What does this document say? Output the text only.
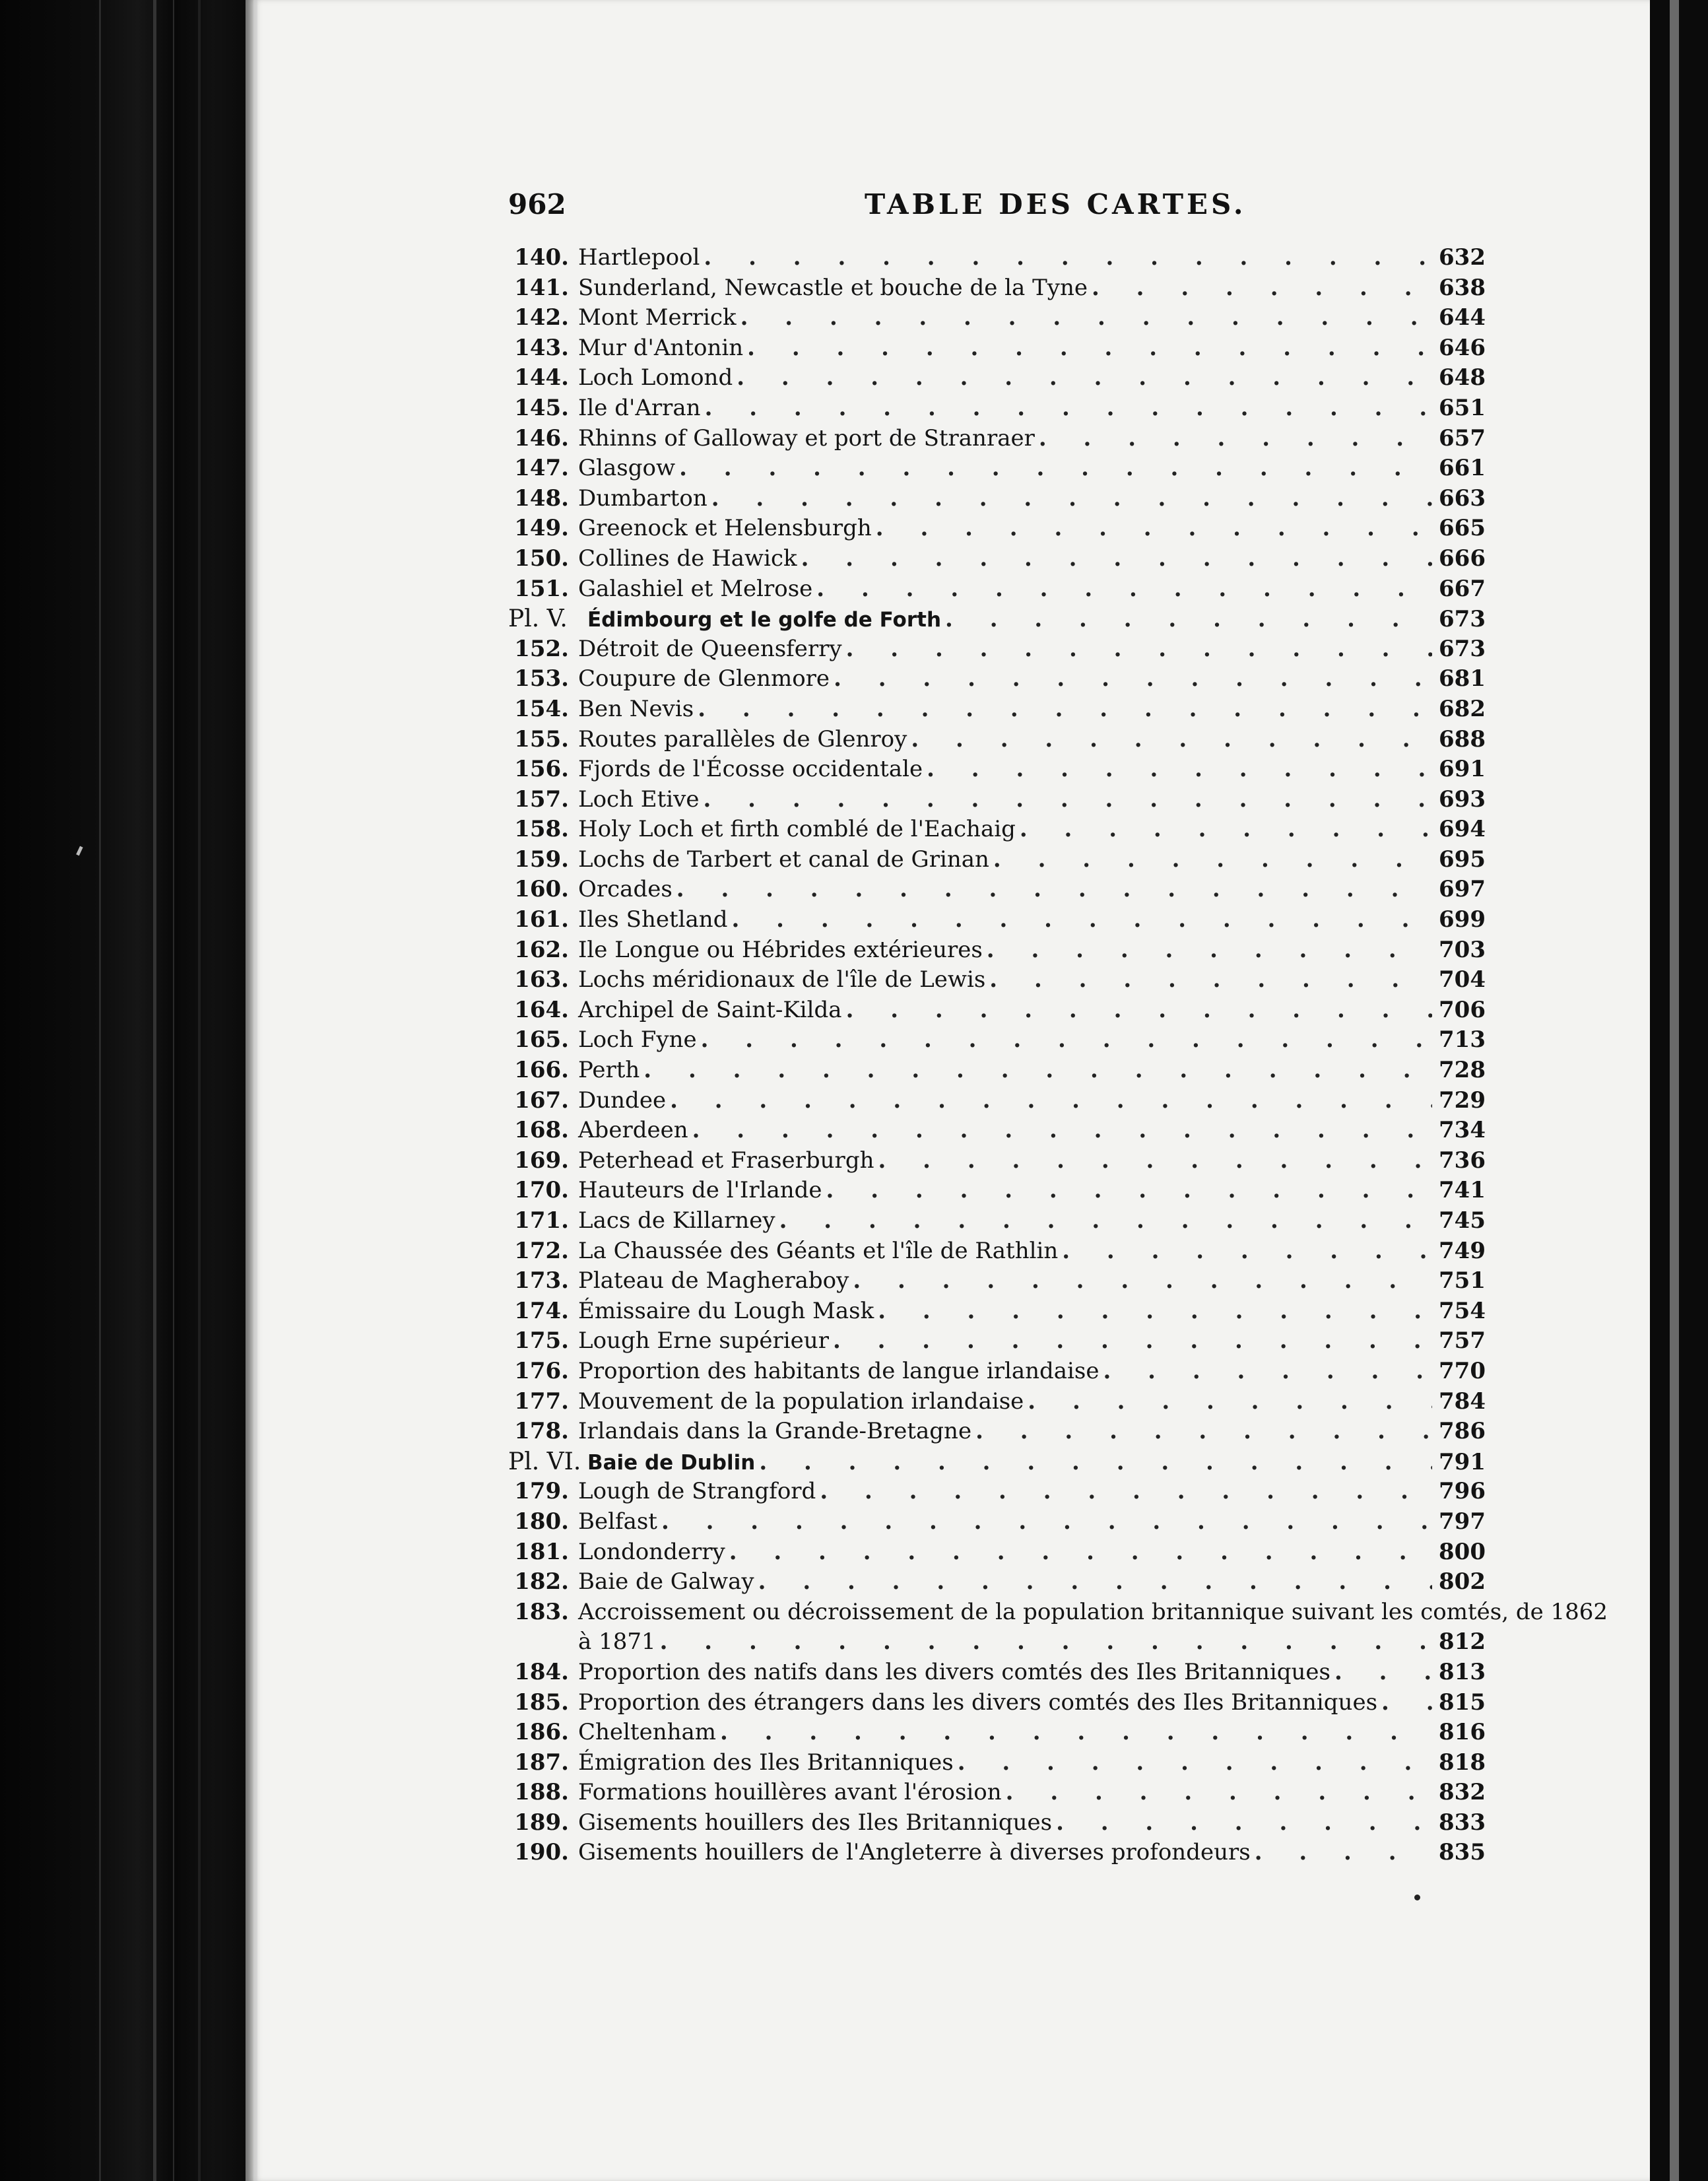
962	TABLE DES CARTES.
140. Hartlepool . . .	632
141. Sunderland, Newcastle et bouche de la Tyne . . .	638
142. Mont Merrick . . .	644
143. Mur d'Antonin . . .	646
144. Loch Lomond . . .	648
145. Ile d'Arran . . .	651
146. Rhinns of Galloway et port de Stranraer . . .	657
147. Glasgow . . .	661
148. Dumbarton . . .	663
149. Greenock et Helensburgh . . .	665
150. Collines de Hawick . . .	666
151. Galashiel et Melrose . . .	667
Pl. V. Édimbourg et le golfe de Forth . . .	673
152. Détroit de Queensferry . . .	673
153. Coupure de Glenmore . . .	681
154. Ben Nevis . . .	682
155. Routes parallèles de Glenroy . . .	688
156. Fjords de l'Écosse occidentale . . .	691
157. Loch Etive . . .	693
158. Holy Loch et firth comblé de l'Eachaig . . .	694
159. Lochs de Tarbert et canal de Grinan . . .	695
160. Orcades . . .	697
161. Iles Shetland . . .	699
162. Ile Longue ou Hébrides extérieures . . .	703
163. Lochs méridionaux de l'île de Lewis . . .	704
164. Archipel de Saint-Kilda . . .	706
165. Loch Fyne . . .	713
166. Perth . . .	728
167. Dundee . . .	729
168. Aberdeen . . .	734
169. Peterhead et Fraserburgh . . .	736
170. Hauteurs de l'Irlande . . .	741
171. Lacs de Killarney . . .	745
172. La Chaussée des Géants et l'île de Rathlin . . .	749
173. Plateau de Magheraboy . . .	751
174. Émissaire du Lough Mask . . .	754
175. Lough Erne supérieur . . .	757
176. Proportion des habitants de langue irlandaise . . .	770
177. Mouvement de la population irlandaise . . .	784
178. Irlandais dans la Grande-Bretagne . . .	786
Pl. VI. Baie de Dublin . . .	791
179. Lough de Strangford . . .	796
180. Belfast . . .	797
181. Londonderry . . .	800
182. Baie de Galway . . .	802
183. Accroissement ou décroissement de la population britannique suivant les comtés, de 1862
à 1871 . . .	812
184. Proportion des natifs dans les divers comtés des Iles Britanniques . . .	813
185. Proportion des étrangers dans les divers comtés des Iles Britanniques . . .	815
186. Cheltenham . . .	816
187. Émigration des Iles Britanniques . . .	818
188. Formations houillères avant l'érosion . . .	832
189. Gisements houillers des Iles Britanniques . . .	833
190. Gisements houillers de l'Angleterre à diverses profondeurs . . .	835
